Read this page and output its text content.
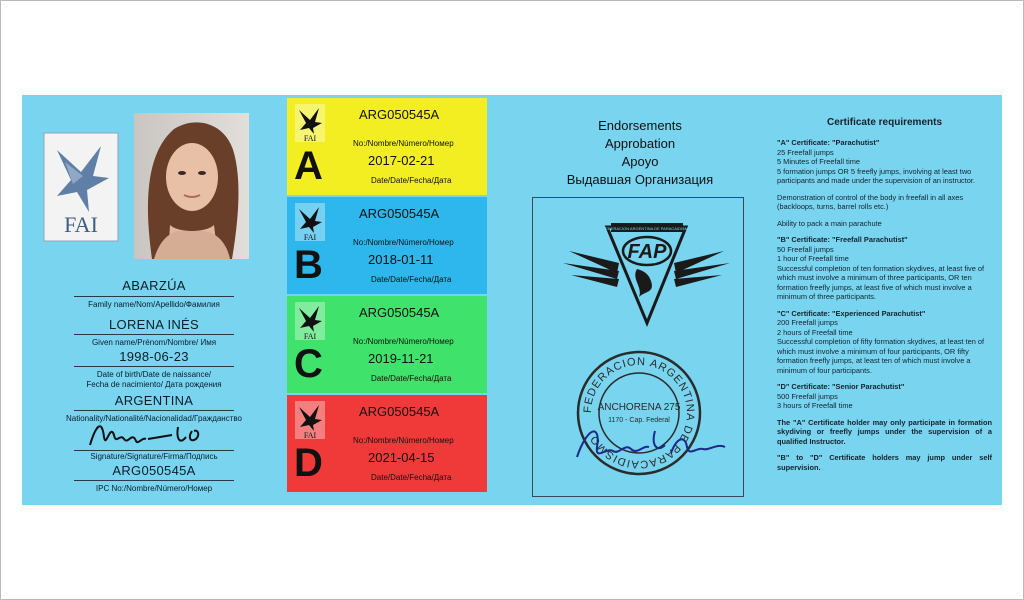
FAI
ABARZÚA
Family name/Nom/Apellido/Фамилия
LORENA INÉS
Given name/Prénom/Nombre/ Имя
1998-06-23
Date of birth/Date de naissance/
Fecha de nacimiento/ Дата рождения
ARGENTINA
Nationality/Nationalité/Nacionalidad/Гражданство
Signature/Signature/Firma/Подпись
ARG050545A
IPC No:/Nombre/Número/Номер
FAI
ARG050545A
No:/Nombre/Número/Номер
2017-02-21
Date/Date/Fecha/Дата
A
FAI
ARG050545A
No:/Nombre/Número/Номер
2018-01-11
Date/Date/Fecha/Дата
B
FAI
ARG050545A
No:/Nombre/Número/Номер
2019-11-21
Date/Date/Fecha/Дата
C
FAI
ARG050545A
No:/Nombre/Número/Номер
2021-04-15
Date/Date/Fecha/Дата
D
Endorsements
Approbation
Apoyo
Выдавшая Организация
FEDERACION ARGENTINA DE PARACAIDISMO
FAP
FEDERACION ARGENTINA DE PARACAIDISMO
ANCHORENA 275
1170 - Cap. Federal
Certificate requirements
"A" Certificate: "Parachutist"
25 Freefall jumps
5 Minutes of Freefall time
5 formation jumps OR 5 freefly jumps, involving at least two participants and made under the supervision of an instructor.
Demonstration of control of the body in freefall in all axes (backloops, turns, barrel rolls etc.)
Ability to pack a main parachute
"B" Certificate: "Freefall Parachutist"
50 Freefall jumps
1 hour of Freefall time
Successful completion of ten formation skydives, at least five of which must involve a minimum of three participants, OR ten formation freefly jumps, at least five of which must involve a minimum of three participants.
"C" Certificate: "Experienced Parachutist"
200 Freefall jumps
2 hours of Freefall time
Successful completion of fifty formation skydives, at least ten of which must involve a minimum of four participants, OR fifty formation freefly jumps, at least ten of which must involve a minimum of four participants.
"D" Certificate: "Senior Parachutist"
500 Freefall jumps
3 hours of Freefall time
The "A" Certificate holder may only participate in formation skydiving or freefly jumps under the supervision of a qualified Instructor.
"B" to "D" Certificate holders may jump under self supervision.
